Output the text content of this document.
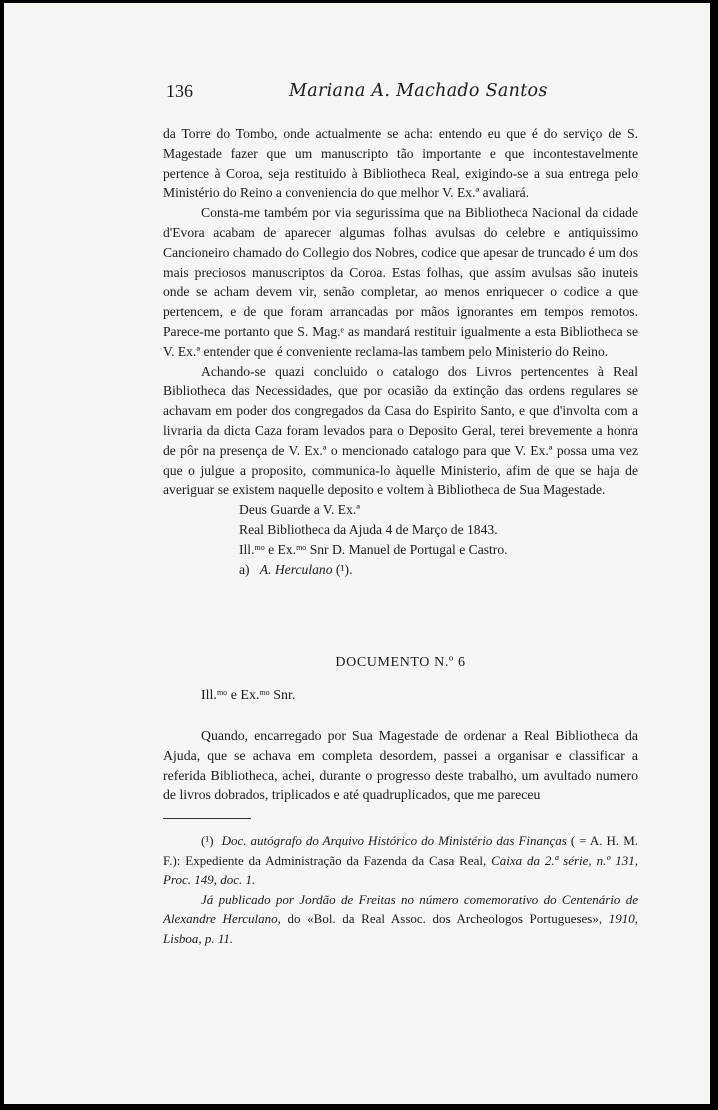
136	Mariana A. Machado Santos

da Torre do Tombo, onde actualmente se acha: entendo eu que é do serviço de S. Magestade fazer que um manuscripto tão importante e que incontestavelmente pertence à Coroa, seja restituido à Bibliotheca Real, exigindo-se a sua entrega pelo Ministério do Reino a conveniencia do que melhor V. Ex.ª avaliará.

Consta-me também por via segurissima que na Bibliotheca Nacional da cidade d'Evora acabam de aparecer algumas folhas avulsas do celebre e antiquissimo Cancioneiro chamado do Collegio dos Nobres, codice que apesar de truncado é um dos mais preciosos manuscriptos da Coroa. Estas folhas, que assim avulsas são inuteis onde se acham devem vir, senão completar, ao menos enriquecer o codice a que pertencem, e de que foram arrancadas por mãos ignorantes em tempos remotos. Parece-me portanto que S. Mag.ᵉ as mandará restituir igualmente a esta Bibliotheca se V. Ex.ª entender que é conveniente reclama-las tambem pelo Ministerio do Reino.

Achando-se quazi concluido o catalogo dos Livros pertencentes à Real Bibliotheca das Necessidades, que por ocasião da extinção das ordens regulares se achavam em poder dos congregados da Casa do Espirito Santo, e que d'involta com a livraria da dicta Caza foram levados para o Deposito Geral, terei brevemente a honra de pôr na presença de V. Ex.ª o mencionado catalogo para que V. Ex.ª possa uma vez que o julgue a proposito, communica-lo àquelle Ministerio, afim de que se haja de averiguar se existem naquelle deposito e voltem à Bibliotheca de Sua Magestade.

Deus Guarde a V. Ex.ª

Real Bibliotheca da Ajuda 4 de Março de 1843.

Ill.$^{mo}$ e Ex.$^{mo}$ Snr D. Manuel de Portugal e Castro.

a) A. Herculano (¹).

DOCUMENTO N.º 6
Ill.$^{mo}$ e Ex.$^{mo}$ Snr.

Quando, encarregado por Sua Magestade de ordenar a Real Bibliotheca da Ajuda, que se achava em completa desordem, passei a organisar e classificar a referida Bibliotheca, achei, durante o progresso deste trabalho, um avultado numero de livros dobrados, triplicados e até quadruplicados, que me pareceu

(¹) Doc. autógrafo do Arquivo Histórico do Ministério das Finanças ( = A. H. M. F.): Expediente da Administração da Fazenda da Casa Real, Caixa da 2.ª série, n.º 131, Proc. 149, doc. 1.

Já publicado por Jordão de Freitas no número comemorativo do Centenário de Alexandre Herculano, do «Bol. da Real Assoc. dos Archeologos Portugueses», 1910, Lisboa, p. 11.
